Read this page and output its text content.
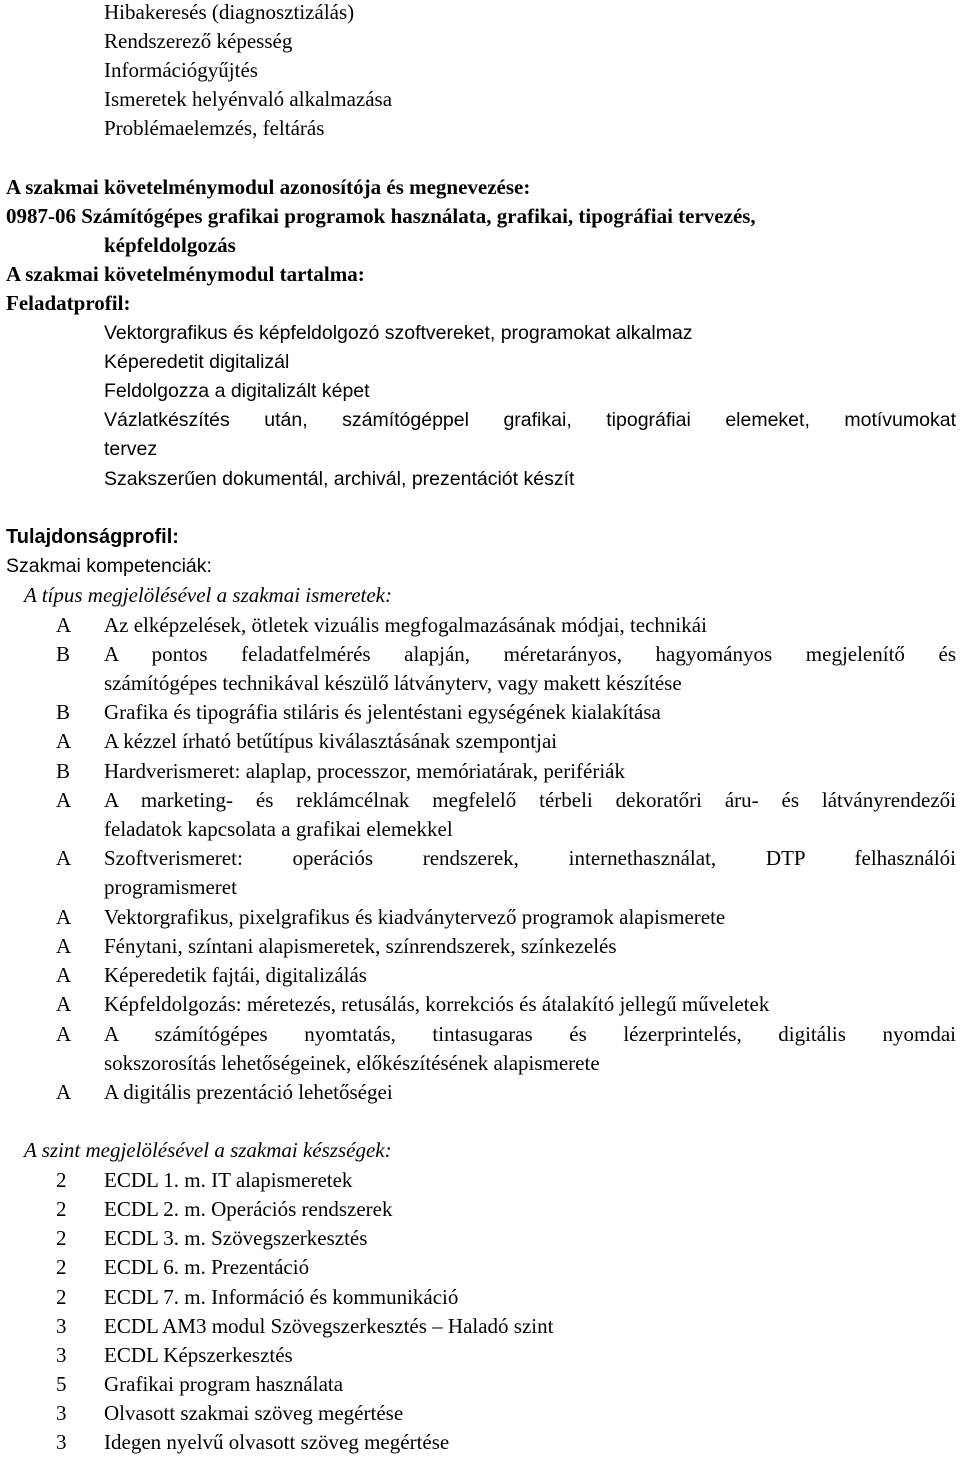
Hibakeresés (diagnosztizálás)
Rendszerező képesség
Információgyűjtés
Ismeretek helyénvaló alkalmazása
Problémaelemzés, feltárás
A szakmai követelménymodul azonosítója és megnevezése:
0987-06 Számítógépes grafikai programok használata, grafikai, tipográfiai tervezés,
képfeldolgozás
A szakmai követelménymodul tartalma:
Feladatprofil:
Vektorgrafikus és képfeldolgozó szoftvereket, programokat alkalmaz
Képeredetit digitalizál
Feldolgozza a digitalizált képet
Vázlatkészítés után, számítógéppel grafikai, tipográfiai elemeket, motívumokat
tervez
Szakszerűen dokumentál, archivál, prezentációt készít
Tulajdonságprofil:
Szakmai kompetenciák:
A típus megjelölésével a szakmai ismeretek:
A	Az elképzelések, ötletek vizuális megfogalmazásának módjai, technikái
B	A pontos feladatfelmérés alapján, méretarányos, hagyományos megjelenítő és
számítógépes technikával készülő látványterv, vagy makett készítése
B	Grafika és tipográfia stiláris és jelentéstani egységének kialakítása
A	A kézzel írható betűtípus kiválasztásának szempontjai
B	Hardverismeret: alaplap, processzor, memóriatárak, perifériák
A	A marketing- és reklámcélnak megfelelő térbeli dekoratőri áru- és látványrendezői
feladatok kapcsolata a grafikai elemekkel
A	Szoftverismeret: operációs rendszerek, internethasználat, DTP felhasználói
programismeret
A	Vektorgrafikus, pixelgrafikus és kiadványtervező programok alapismerete
A	Fénytani, színtani alapismeretek, színrendszerek, színkezelés
A	Képeredetik fajtái, digitalizálás
A	Képfeldolgozás: méretezés, retusálás, korrekciós és átalakító jellegű műveletek
A	A számítógépes nyomtatás, tintasugaras és lézerprintelés, digitális nyomdai
sokszorosítás lehetőségeinek, előkészítésének alapismerete
A	A digitális prezentáció lehetőségei
A szint megjelölésével a szakmai készségek:
2	ECDL 1. m. IT alapismeretek
2	ECDL 2. m. Operációs rendszerek
2	ECDL 3. m. Szövegszerkesztés
2	ECDL 6. m. Prezentáció
2	ECDL 7. m. Információ és kommunikáció
3	ECDL AM3 modul Szövegszerkesztés – Haladó szint
3	ECDL Képszerkesztés
5	Grafikai program használata
3	Olvasott szakmai szöveg megértése
3	Idegen nyelvű olvasott szöveg megértése
